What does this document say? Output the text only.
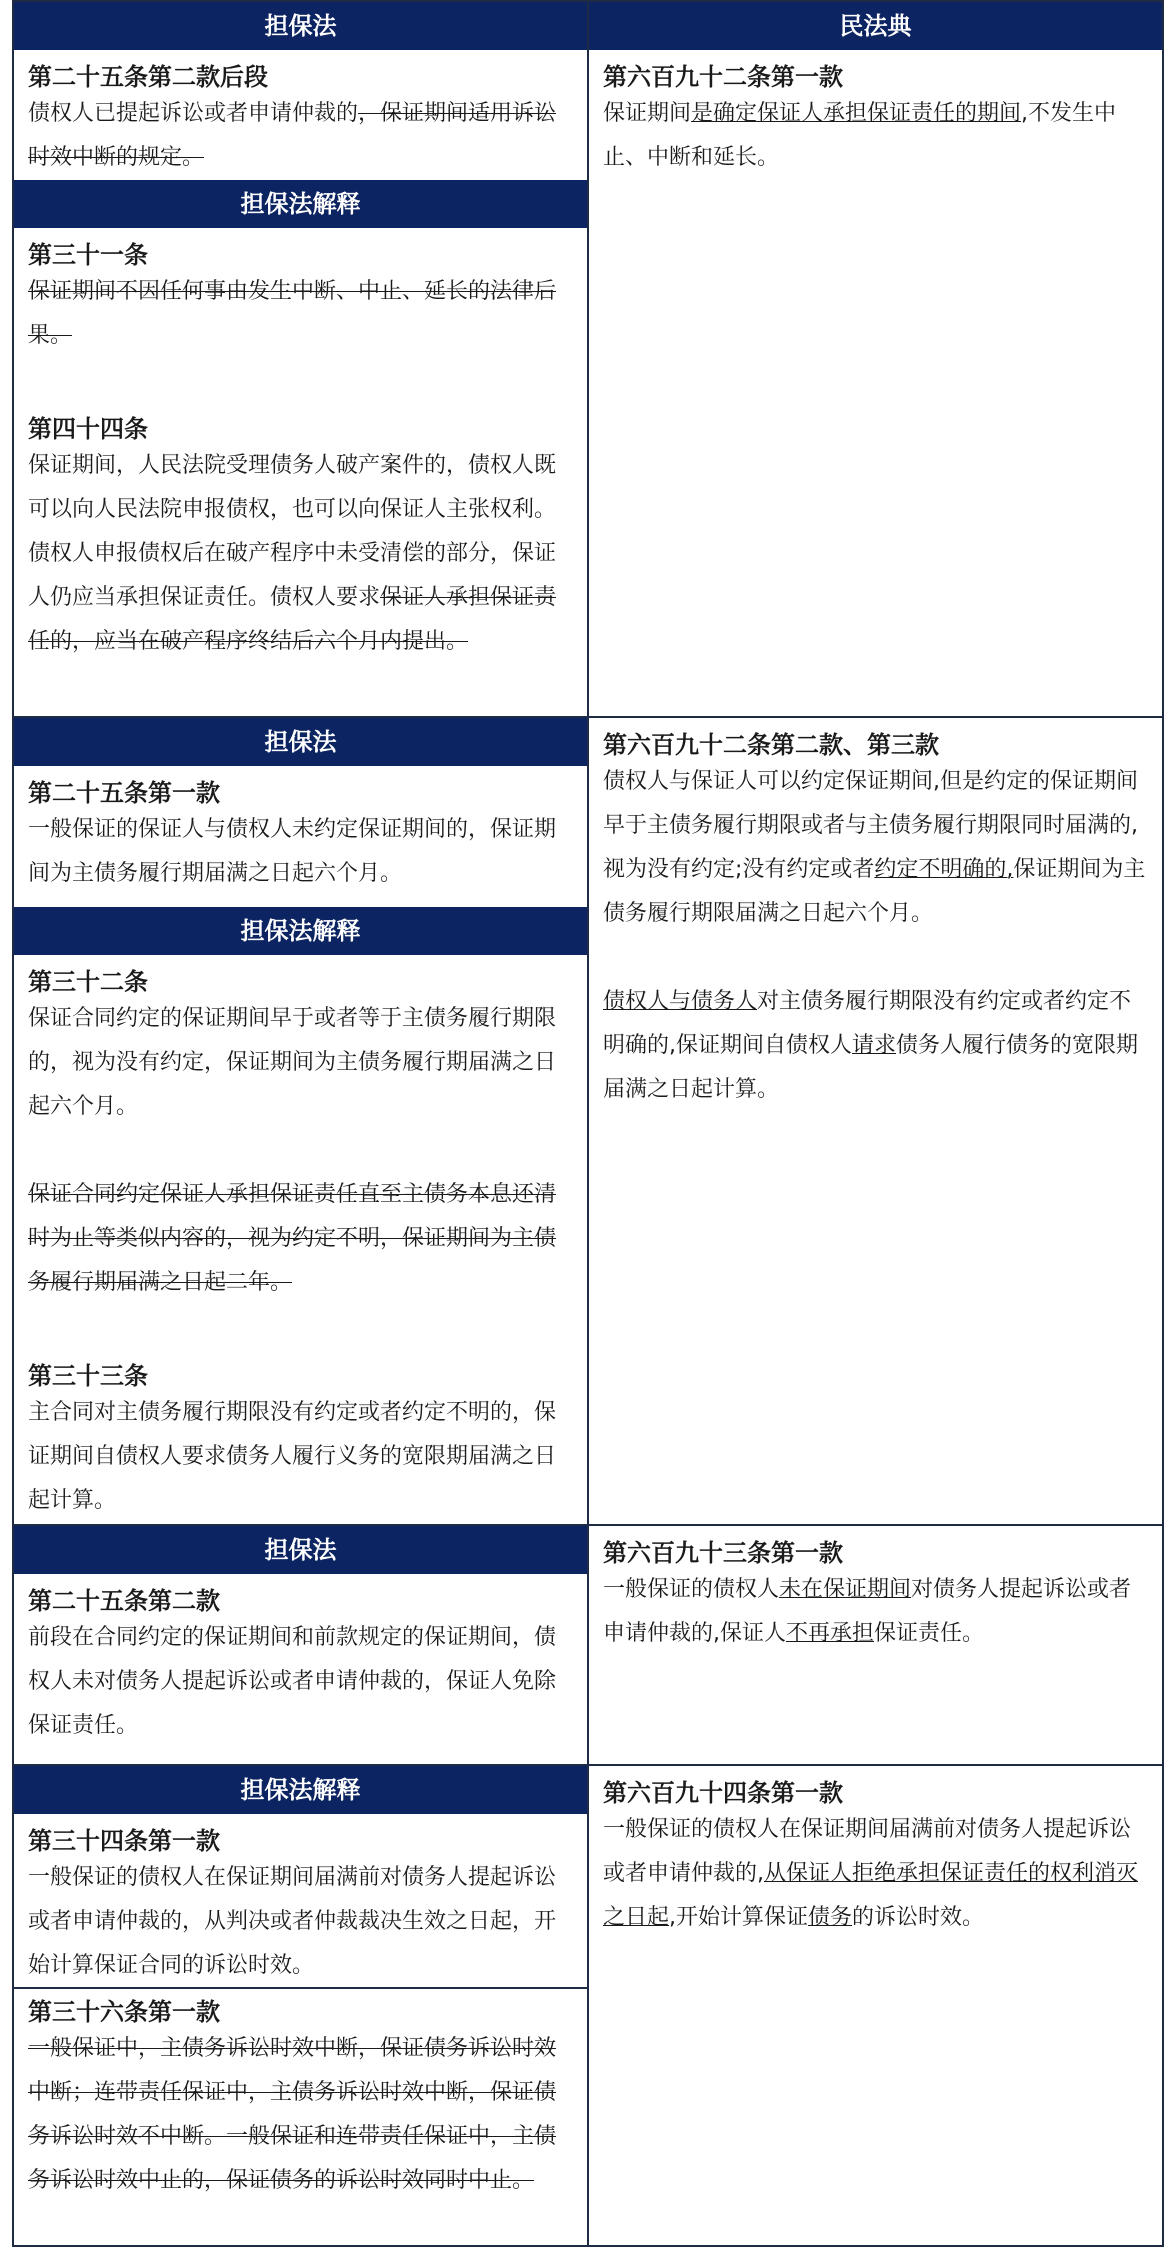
担保法
第二十五条第二款后段

债权人已提起诉讼或者申请仲裁的，保证期间适用诉讼时效中断的规定。

担保法解释
第三十一条

保证期间不因任何事由发生中断、中止、延长的法律后果。

第四十四条

保证期间，人民法院受理债务人破产案件的，债权人既可以向人民法院申报债权，也可以向保证人主张权利。债权人申报债权后在破产程序中未受清偿的部分，保证人仍应当承担保证责任。债权人要求保证人承担保证责任的，应当在破产程序终结后六个月内提出。

担保法
第二十五条第一款

一般保证的保证人与债权人未约定保证期间的，保证期间为主债务履行期届满之日起六个月。

担保法解释
第三十二条

保证合同约定的保证期间早于或者等于主债务履行期限的，视为没有约定，保证期间为主债务履行期届满之日起六个月。

保证合同约定保证人承担保证责任直至主债务本息还清时为止等类似内容的，视为约定不明，保证期间为主债务履行期届满之日起二年。

第三十三条

主合同对主债务履行期限没有约定或者约定不明的，保证期间自债权人要求债务人履行义务的宽限期届满之日起计算。

担保法
第二十五条第二款

前段在合同约定的保证期间和前款规定的保证期间，债权人未对债务人提起诉讼或者申请仲裁的，保证人免除保证责任。

担保法解释
第三十四条第一款

一般保证的债权人在保证期间届满前对债务人提起诉讼或者申请仲裁的，从判决或者仲裁裁决生效之日起，开始计算保证合同的诉讼时效。

第三十六条第一款

一般保证中，主债务诉讼时效中断，保证债务诉讼时效中断；连带责任保证中，主债务诉讼时效中断，保证债务诉讼时效不中断。一般保证和连带责任保证中，主债务诉讼时效中止的，保证债务的诉讼时效同时中止。

民法典
第六百九十二条第一款

保证期间是确定保证人承担保证责任的期间,不发生中止、中断和延长。

第六百九十二条第二款、第三款

债权人与保证人可以约定保证期间,但是约定的保证期间早于主债务履行期限或者与主债务履行期限同时届满的,视为没有约定;没有约定或者约定不明确的,保证期间为主债务履行期限届满之日起六个月。

债权人与债务人对主债务履行期限没有约定或者约定不明确的,保证期间自债权人请求债务人履行债务的宽限期届满之日起计算。

第六百九十三条第一款

一般保证的债权人未在保证期间对债务人提起诉讼或者申请仲裁的,保证人不再承担保证责任。

第六百九十四条第一款

一般保证的债权人在保证期间届满前对债务人提起诉讼或者申请仲裁的,从保证人拒绝承担保证责任的权利消灭之日起,开始计算保证债务的诉讼时效。
